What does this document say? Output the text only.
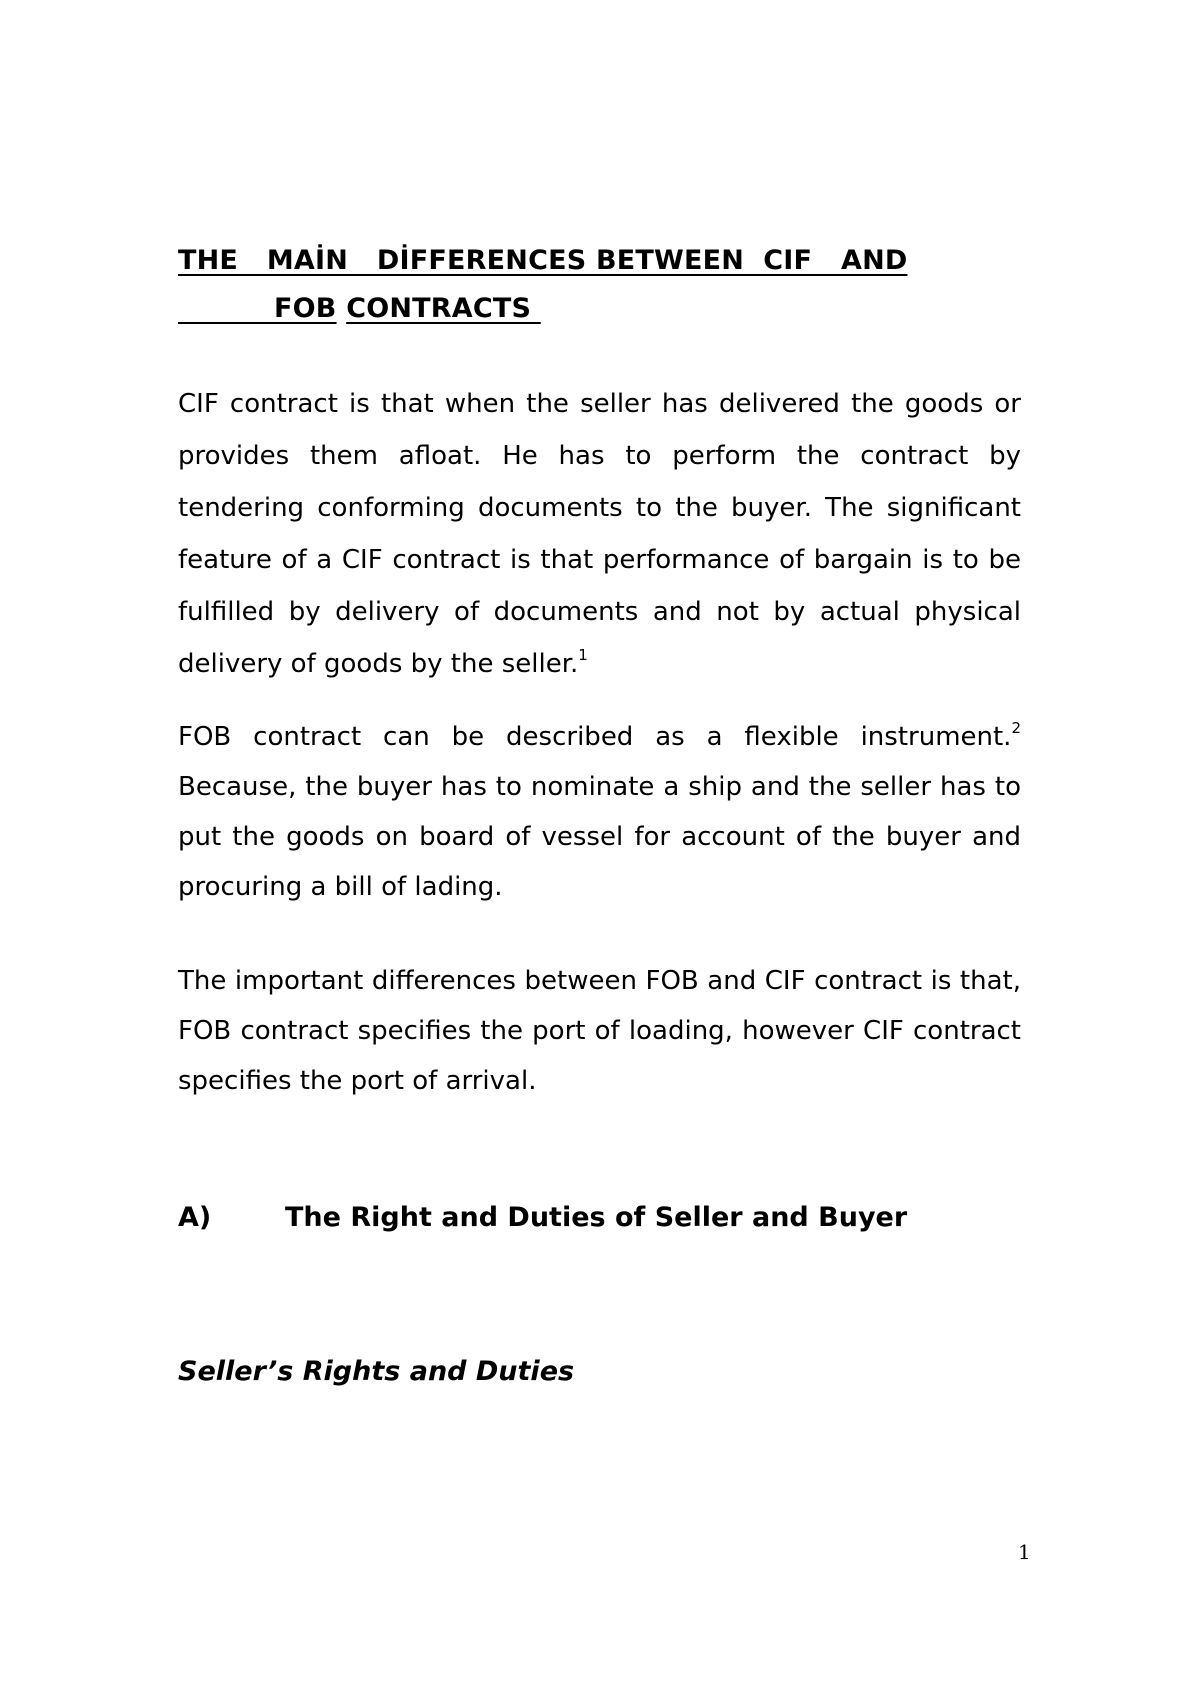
THE   MAİN   DİFFERENCES BETWEEN  CIF   AND
FOB CONTRACTS

CIF contract is that when the seller has delivered the goods or provides them afloat. He has to perform the contract by tendering conforming documents to the buyer. The significant feature of a CIF contract is that performance of bargain is to be fulfilled by delivery of documents and not by actual physical delivery of goods by the seller.$^1$

FOB contract can be described as a flexible instrument.$^2$ Because, the buyer has to nominate a ship and the seller has to put the goods on board of vessel for account of the buyer and procuring a bill of lading.

The important differences between FOB and CIF contract is that, FOB contract specifies the port of loading, however CIF contract specifies the port of arrival.

A)	The Right and Duties of Seller and Buyer
Seller’s Rights and Duties
1
